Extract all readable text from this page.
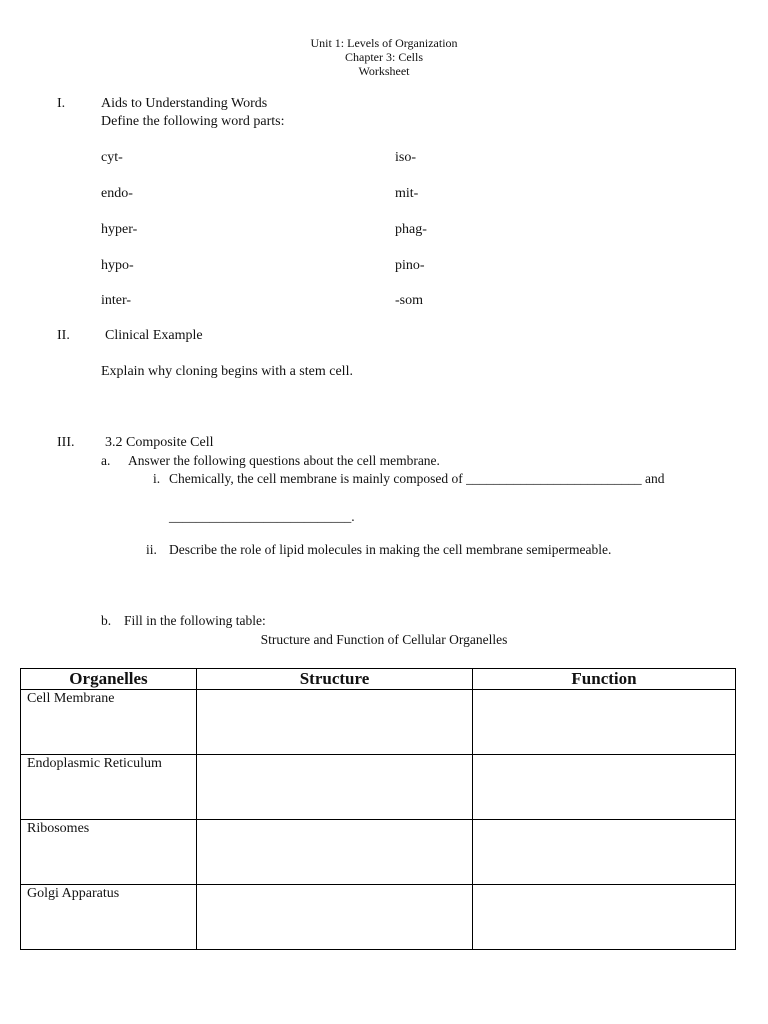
Unit 1: Levels of Organization
Chapter 3: Cells
Worksheet
I.	Aids to Understanding Words
Define the following word parts:
cyt-
endo-
hyper-
hypo-
inter-
iso-
mit-
phag-
pino-
-som
II.	Clinical Example
Explain why cloning begins with a stem cell.
III. 3.2 Composite Cell
a. Answer the following questions about the cell membrane.
i. Chemically, the cell membrane is mainly composed of __________________________ and
___________________________.
ii. Describe the role of lipid molecules in making the cell membrane semipermeable.
b. Fill in the following table:
Structure and Function of Cellular Organelles
Organelles	Structure	Function
Cell Membrane		
Endoplasmic Reticulum		
Ribosomes		
Golgi Apparatus		
